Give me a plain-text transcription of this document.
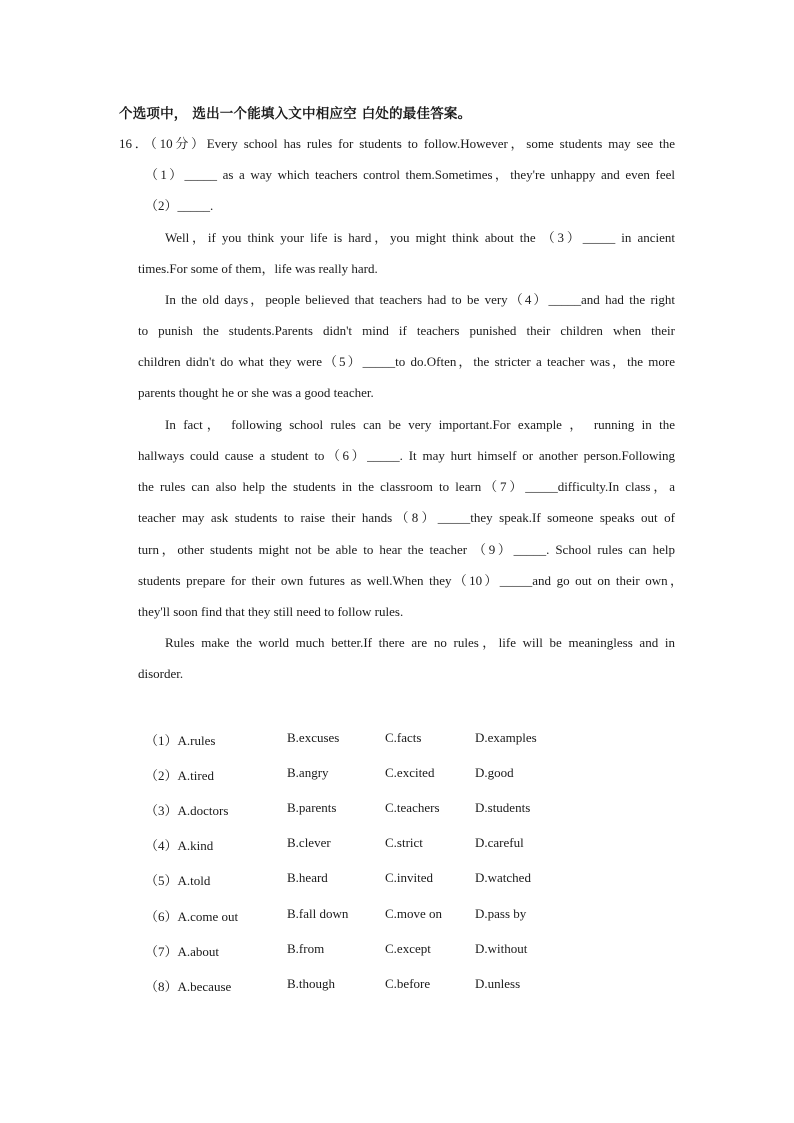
个选项中， 选出一个能填入文中相应空 白处的最佳答案。
16．（10分）Every school has rules for students to follow.However，some students may see the
（1）_____ as a way which teachers control them.Sometimes，they're unhappy and even feel
（2）_____.
Well，if you think your life is hard，you might think about the （3）_____ in ancient
times.For some of them，life was really hard.
In the old days，people believed that teachers had to be very（4）_____and had the right
to punish the students.Parents didn't mind if teachers punished their children when their
children didn't do what they were（5）_____to do.Often，the stricter a teacher was，the more
parents thought he or she was a good teacher.
In fact， following school rules can be very important.For example ， running in the
hallways could cause a student to（6）_____. It may hurt himself or another person.Following
the rules can also help the students in the classroom to learn（7）_____difficulty.In class，a
teacher may ask students to raise their hands（8）_____they speak.If someone speaks out of
turn，other students might not be able to hear the teacher （9）_____. School rules can help
students prepare for their own futures as well.When they（10）_____and go out on their own，
they'll soon find that they still need to follow rules.
Rules make the world much better.If there are no rules，life will be meaningless and in
disorder.
（1）A.rules	B.excuses	C.facts	D.examples
（2）A.tired	B.angry	C.excited	D.good
（3）A.doctors	B.parents	C.teachers	D.students
（4）A.kind	B.clever	C.strict	D.careful
（5）A.told	B.heard	C.invited	D.watched
（6）A.come out	B.fall down	C.move on	D.pass by
（7）A.about	B.from	C.except	D.without
（8）A.because	B.though	C.before	D.unless
